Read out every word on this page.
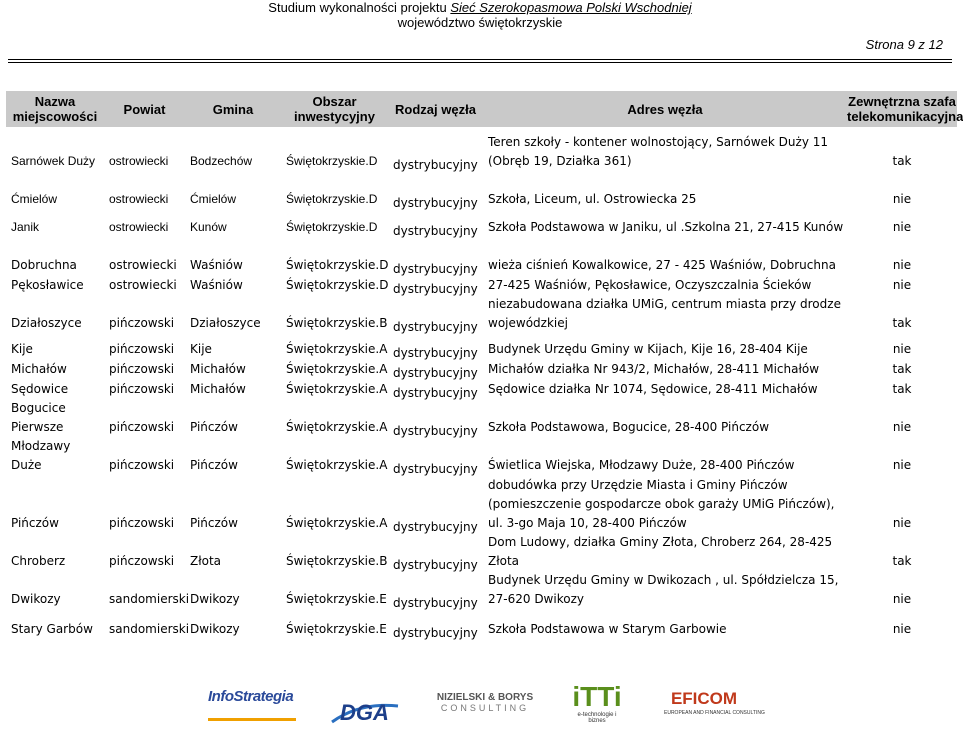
Studium wykonalności projektu Sieć Szerokopasmowa Polski Wschodniej
województwo świętokrzyskie
Strona 9 z 12
Nazwa miejscowości	Powiat	Gmina	Obszar inwestycyjny	Rodzaj węzła	Adres węzła	Zewnętrzna szafa telekomunikacyjna
Sarnówek Duży	ostrowiecki	Bodzechów	Świętokrzyskie.D	dystrybucyjny	Teren szkoły - kontener wolnostojący, Sarnówek Duży 11 (Obręb 19, Działka 361)	tak
Ćmielów	ostrowiecki	Ćmielów	Świętokrzyskie.D	dystrybucyjny	Szkoła, Liceum, ul. Ostrowiecka 25	nie
Janik	ostrowiecki	Kunów	Świętokrzyskie.D	dystrybucyjny	Szkoła Podstawowa w Janiku, ul .Szkolna 21, 27-415 Kunów	nie
Dobruchna	ostrowiecki	Waśniów	Świętokrzyskie.D	dystrybucyjny	wieża ciśnień Kowalkowice, 27 - 425 Waśniów, Dobruchna	nie
Pękosławice	ostrowiecki	Waśniów	Świętokrzyskie.D	dystrybucyjny	27-425 Waśniów, Pękosławice, Oczyszczalnia Ścieków	nie
Działoszyce	pińczowski	Działoszyce	Świętokrzyskie.B	dystrybucyjny	niezabudowana działka UMiG, centrum miasta przy drodze wojewódzkiej	tak
Kije	pińczowski	Kije	Świętokrzyskie.A	dystrybucyjny	Budynek Urzędu Gminy w Kijach, Kije 16, 28-404 Kije	nie
Michałów	pińczowski	Michałów	Świętokrzyskie.A	dystrybucyjny	Michałów działka Nr 943/2, Michałów, 28-411 Michałów	tak
Sędowice	pińczowski	Michałów	Świętokrzyskie.A	dystrybucyjny	Sędowice działka Nr 1074, Sędowice, 28-411 Michałów	tak
Bogucice Pierwsze	pińczowski	Pińczów	Świętokrzyskie.A	dystrybucyjny	Szkoła Podstawowa, Bogucice, 28-400 Pińczów	nie
Młodzawy Duże	pińczowski	Pińczów	Świętokrzyskie.A	dystrybucyjny	Świetlica Wiejska, Młodzawy Duże, 28-400 Pińczów	nie
Pińczów	pińczowski	Pińczów	Świętokrzyskie.A	dystrybucyjny	dobudówka przy Urzędzie Miasta i Gminy Pińczów (pomieszczenie gospodarcze obok garaży UMiG Pińczów), ul. 3-go Maja 10, 28-400 Pińczów	nie
Chroberz	pińczowski	Złota	Świętokrzyskie.B	dystrybucyjny	Dom Ludowy, działka Gminy Złota, Chroberz 264, 28-425 Złota	tak
Dwikozy	sandomierski	Dwikozy	Świętokrzyskie.E	dystrybucyjny	Budynek Urzędu Gminy w Dwikozach , ul. Spółdzielcza 15, 27-620 Dwikozy	nie
Stary Garbów	sandomierski	Dwikozy	Świętokrzyskie.E	dystrybucyjny	Szkoła Podstawowa w Starym Garbowie	nie
InfoStrategia
DGA
NIZIELSKI & BORYS
CONSULTING	iTTi
e-technologie i biznes
EFICOM
EUROPEAN AND FINANCIAL CONSULTING
